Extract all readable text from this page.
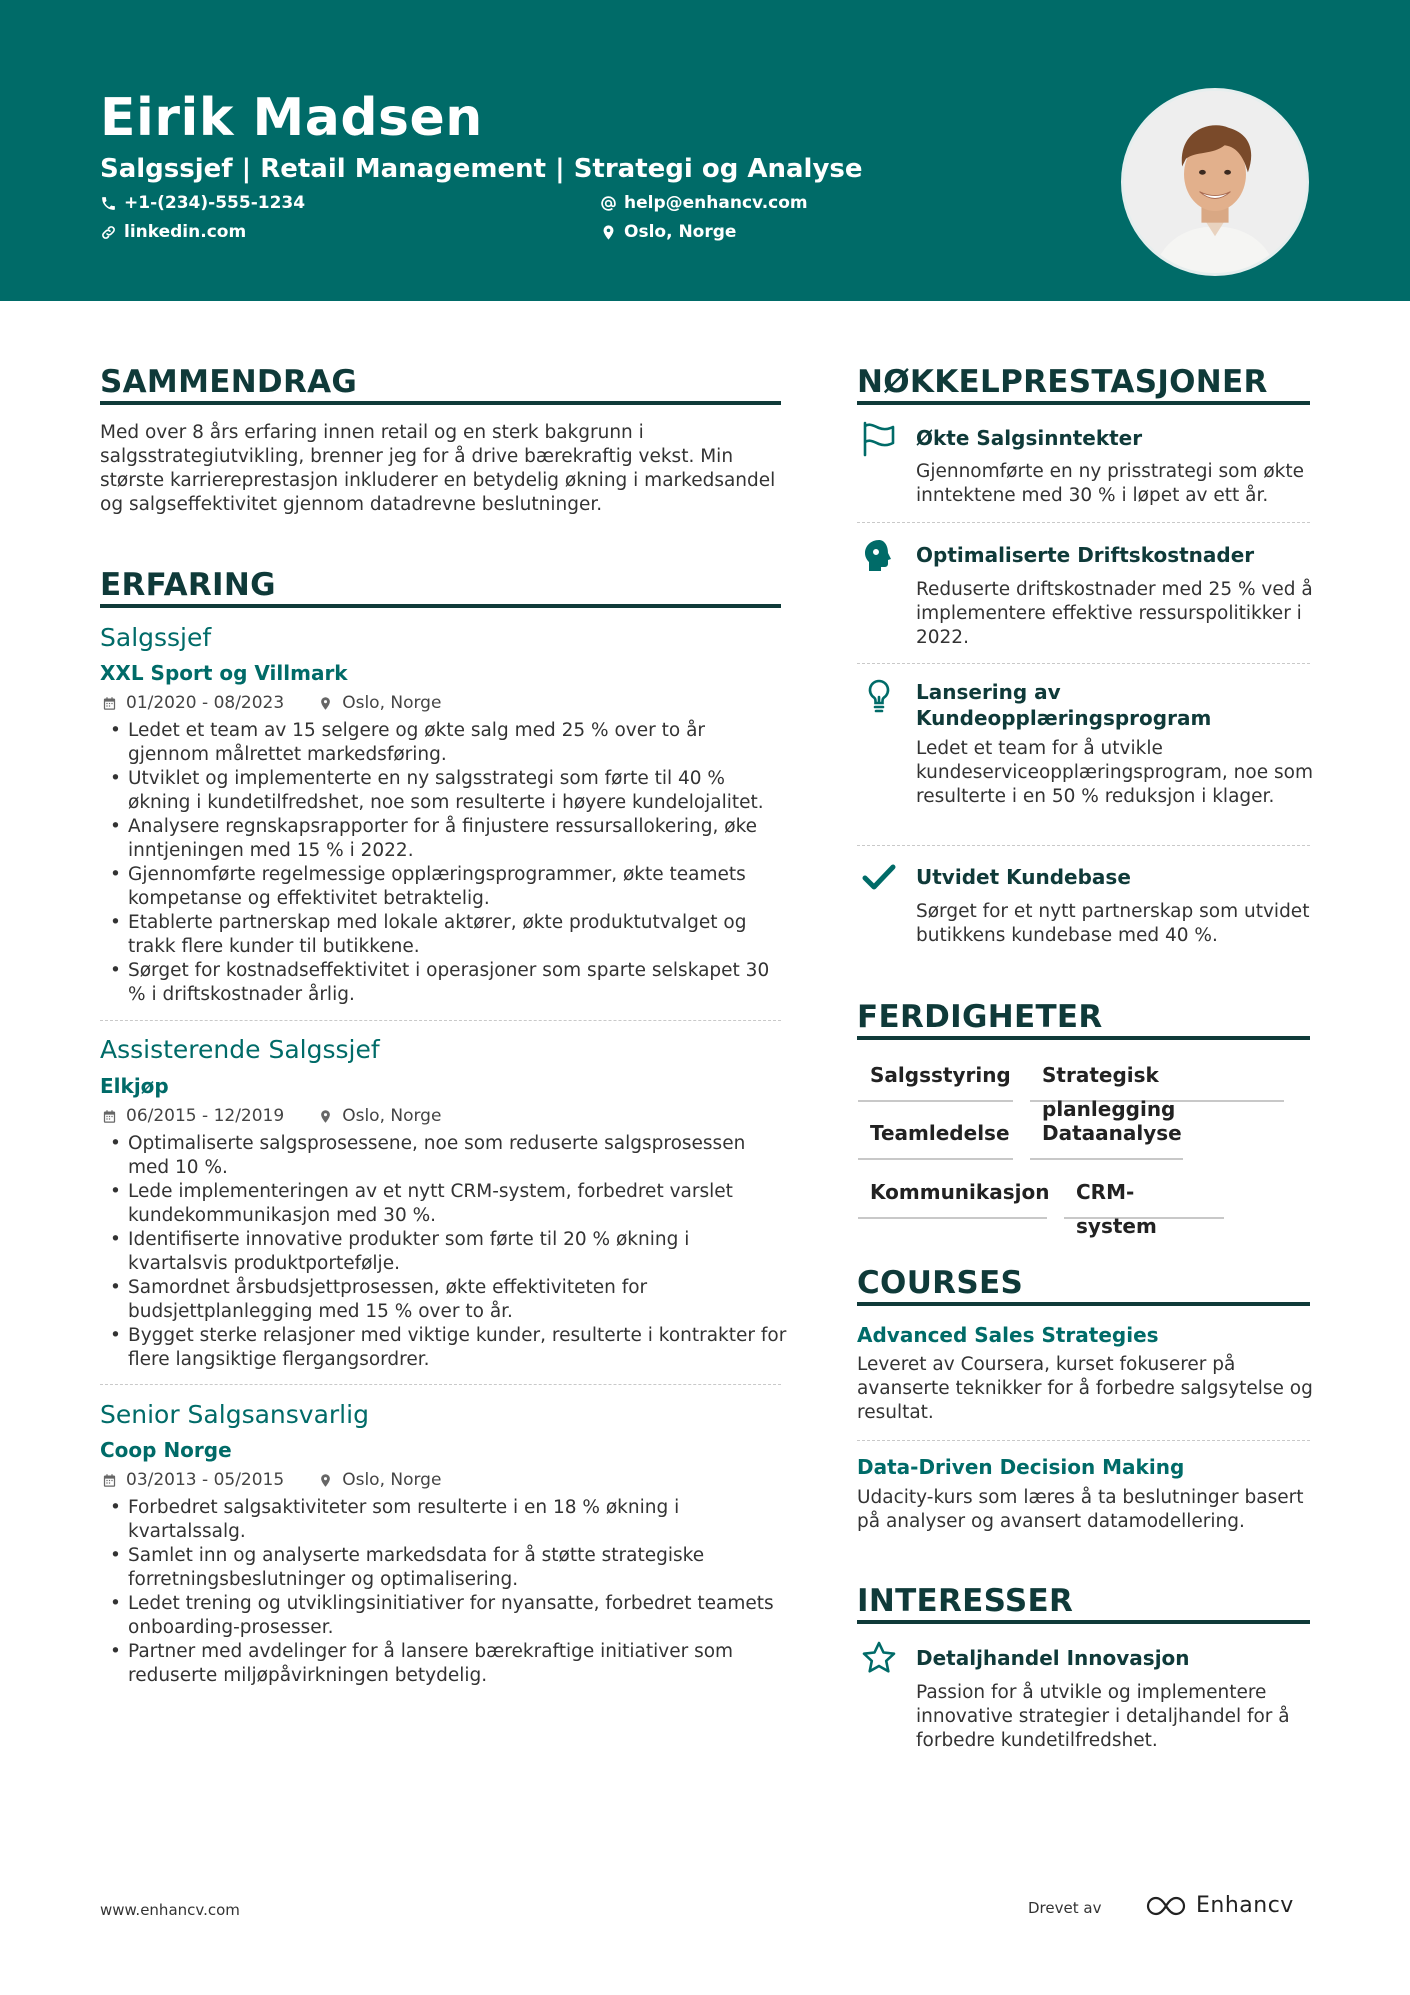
Eirik Madsen
Salgssjef | Retail Management | Strategi og Analyse
+1-(234)-555-1234	help@enhancv.com
linkedin.com	Oslo, Norge
SAMMENDRAG
Med over 8 års erfaring innen retail og en sterk bakgrunn i salgsstrategiutvikling, brenner jeg for å drive bærekraftig vekst. Min største karriereprestasjon inkluderer en betydelig økning i markedsandel og salgseffektivitet gjennom datadrevne beslutninger.
ERFARING
Salgssjef
XXL Sport og Villmark
01/2020 - 08/2023	Oslo, Norge
• Ledet et team av 15 selgere og økte salg med 25 % over to år gjennom målrettet markedsføring.
• Utviklet og implementerte en ny salgsstrategi som førte til 40 % økning i kundetilfredshet, noe som resulterte i høyere kundelojalitet.
• Analysere regnskapsrapporter for å finjustere ressursallokering, øke inntjeningen med 15 % i 2022.
• Gjennomførte regelmessige opplæringsprogrammer, økte teamets kompetanse og effektivitet betraktelig.
• Etablerte partnerskap med lokale aktører, økte produktutvalget og trakk flere kunder til butikkene.
• Sørget for kostnadseffektivitet i operasjoner som sparte selskapet 30 % i driftskostnader årlig.
Assisterende Salgssjef
Elkjøp
06/2015 - 12/2019	Oslo, Norge
• Optimaliserte salgsprosessene, noe som reduserte salgsprosessen med 10 %.
• Lede implementeringen av et nytt CRM-system, forbedret varslet kundekommunikasjon med 30 %.
• Identifiserte innovative produkter som førte til 20 % økning i kvartalsvis produktportefølje.
• Samordnet årsbudsjettprosessen, økte effektiviteten for budsjettplanlegging med 15 % over to år.
• Bygget sterke relasjoner med viktige kunder, resulterte i kontrakter for flere langsiktige flergangsordrer.
Senior Salgsansvarlig
Coop Norge
03/2013 - 05/2015	Oslo, Norge
• Forbedret salgsaktiviteter som resulterte i en 18 % økning i kvartalssalg.
• Samlet inn og analyserte markedsdata for å støtte strategiske forretningsbeslutninger og optimalisering.
• Ledet trening og utviklingsinitiativer for nyansatte, forbedret teamets onboarding-prosesser.
• Partner med avdelinger for å lansere bærekraftige initiativer som reduserte miljøpåvirkningen betydelig.
NØKKELPRESTASJONER
Økte Salgsinntekter
Gjennomførte en ny prisstrategi som økte inntektene med 30 % i løpet av ett år.
Optimaliserte Driftskostnader
Reduserte driftskostnader med 25 % ved å implementere effektive ressurspolitikker i 2022.
Lansering av Kundeopplæringsprogram
Ledet et team for å utvikle kundeserviceopplæringsprogram, noe som resulterte i en 50 % reduksjon i klager.
Utvidet Kundebase
Sørget for et nytt partnerskap som utvidet butikkens kundebase med 40 %.
FERDIGHETER
Salgsstyring	Strategisk planlegging
Teamledelse	Dataanalyse
Kommunikasjon	CRM-system
COURSES
Advanced Sales Strategies
Leveret av Coursera, kurset fokuserer på avanserte teknikker for å forbedre salgsytelse og resultat.
Data-Driven Decision Making
Udacity-kurs som læres å ta beslutninger basert på analyser og avansert datamodellering.
INTERESSER
Detaljhandel Innovasjon
Passion for å utvikle og implementere innovative strategier i detaljhandel for å forbedre kundetilfredshet.
www.enhancv.com	Drevet av	Enhancv
